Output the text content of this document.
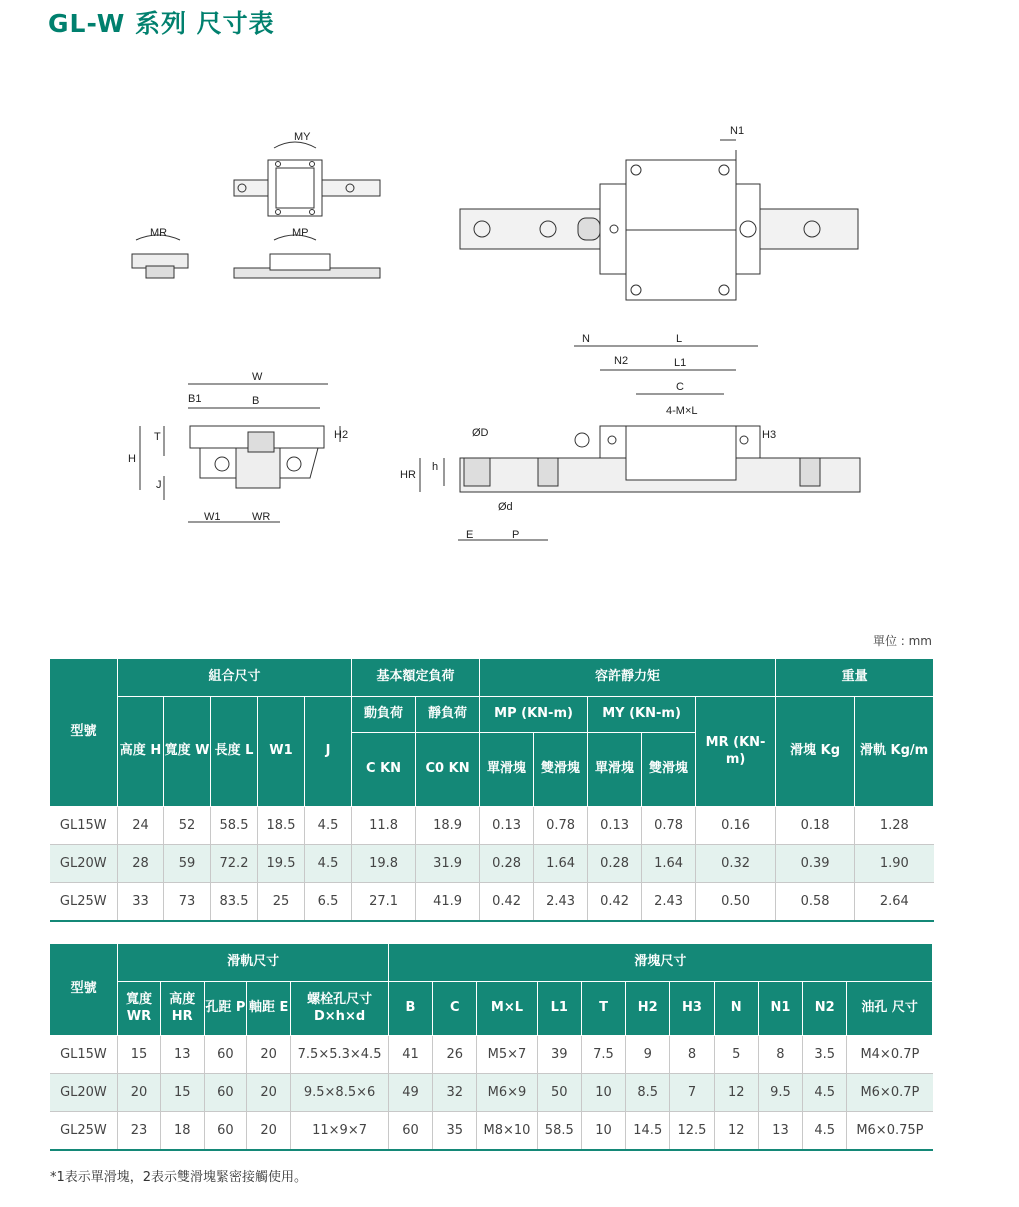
GL-W 系列 尺寸表
MY
MR	MP
N1
W
B
B1
T	H2
H
J
W1	WR
N	L
N2	L1
C
4-M×L
ØD	H3
HR
h
Ød
E	P
單位 : mm
型號	組合尺寸					基本額定負荷		容許靜力矩					重量	
	高度 H	寬度 W	長度 L	W1	J	動負荷	靜負荷	MP (KN-m)		MY (KN-m)		MR (KN-m)	滑塊 Kg	滑軌 Kg/m
						C KN	C0 KN	單滑塊	雙滑塊	單滑塊	雙滑塊			
GL15W	24	52	58.5	18.5	4.5	11.8	18.9	0.13	0.78	0.13	0.78	0.16	0.18	1.28
GL20W	28	59	72.2	19.5	4.5	19.8	31.9	0.28	1.64	0.28	1.64	0.32	0.39	1.90
GL25W	33	73	83.5	25	6.5	27.1	41.9	0.42	2.43	0.42	2.43	0.50	0.58	2.64
型號	滑軌尺寸					滑塊尺寸										
	寬度 WR	高度 HR	孔距 P	軸距 E	螺栓孔尺寸 D×h×d	B	C	M×L	L1	T	H2	H3	N	N1	N2	油孔 尺寸
GL15W	15	13	60	20	7.5×5.3×4.5	41	26	M5×7	39	7.5	9	8	5	8	3.5	M4×0.7P
GL20W	20	15	60	20	9.5×8.5×6	49	32	M6×9	50	10	8.5	7	12	9.5	4.5	M6×0.7P
GL25W	23	18	60	20	11×9×7	60	35	M8×10	58.5	10	14.5	12.5	12	13	4.5	M6×0.75P
*1表示單滑塊，2表示雙滑塊緊密接觸使用。
